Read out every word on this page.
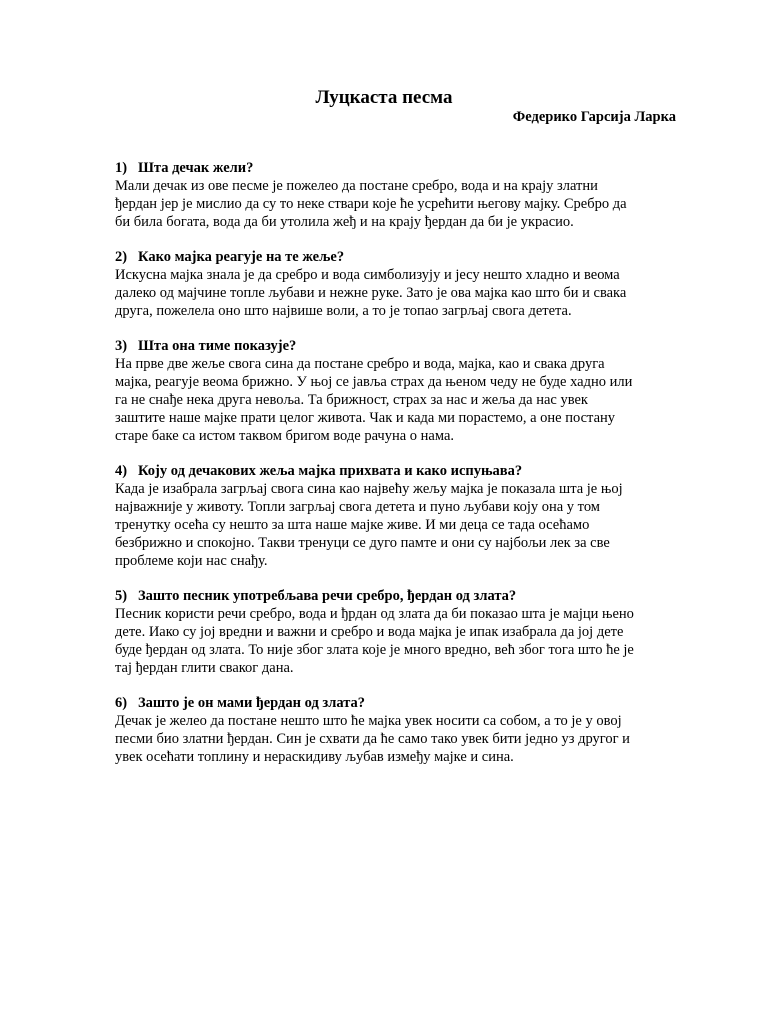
Луцкаста песма

Федерико Гарсија Ларка

1) Шта дечак жели?

Мали дечак из ове песме је пожелео да постане сребро, вода и на крају златни

ђердан јер је мислио да су то неке ствари које ће усрећити његову мајку. Сребро да

би била богата, вода да би утолила жеђ и на крају ђердан да би је украсио.

2) Како мајка реагује на те жеље?

Искусна мајка знала је да сребро и вода симболизују и јесу нешто хладно и веома

далеко од мајчине топле љубави и нежне руке. Зато је ова мајка као што би и свака

друга, пожелела оно што највише воли, а то је топао загрљај свога детета.

3) Шта она тиме показује?

На прве две жеље свога сина да постане сребро и вода, мајка, као и свака друга

мајка, реагује веома брижно. У њој се јавља страх да њеном чеду не буде хадно или

га не снађе нека друга невоља. Та брижност, страх за нас и жеља да нас увек

заштите наше мајке прати целог живота. Чак и када ми порастемо, а оне постану

старе баке са истом таквом бригом воде рачуна о нама.

4) Коју од дечакових жеља мајка прихвата и како испуњава?

Када је изабрала загрљај свога сина као највећу жељу мајка је показала шта је њој

најважније у животу. Топли загрљај свога детета и пуно љубави коју она у том

тренутку осећа су нешто за шта наше мајке живе. И ми деца се тада осећамо

безбрижно и спокојно. Такви тренуци се дуго памте и они су најбољи лек за све

проблеме који нас снађу.

5) Зашто песник употребљава речи сребро, ђердан од злата?

Песник користи речи сребро, вода и ђрдан од злата да би показао шта је мајци њено

дете. Иако су јој вредни и важни и сребро и вода мајка је ипак изабрала да јој дете

буде ђердан од злата. То није због злата које је много вредно, већ због тога што ће је

тај ђердан глити сваког дана.

6) Зашто је он мами ђердан од злата?

Дечак је желео да постане нешто што ће мајка увек носити са собом, а то је у овој

песми био златни ђердан. Син је схвати да ће само тако увек бити једно уз другог и

увек осећати топлину и нераскидиву љубав између мајке и сина.
